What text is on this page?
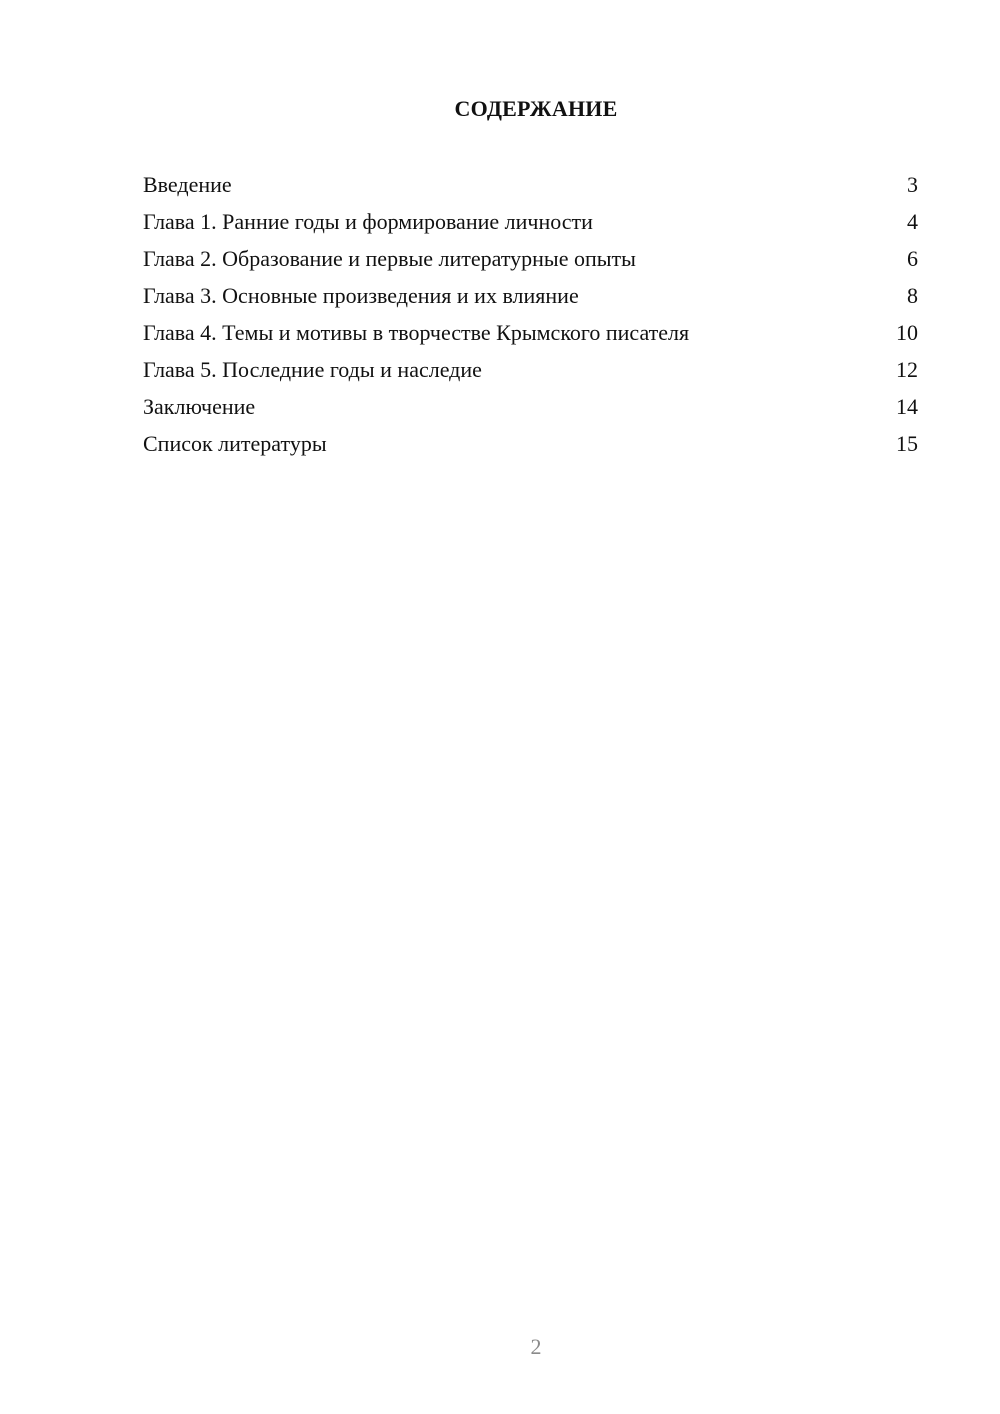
СОДЕРЖАНИЕ
Введение	3
Глава 1. Ранние годы и формирование личности	4
Глава 2. Образование и первые литературные опыты	6
Глава 3. Основные произведения и их влияние	8
Глава 4. Темы и мотивы в творчестве Крымского писателя	10
Глава 5. Последние годы и наследие	12
Заключение	14
Список литературы	15
2
